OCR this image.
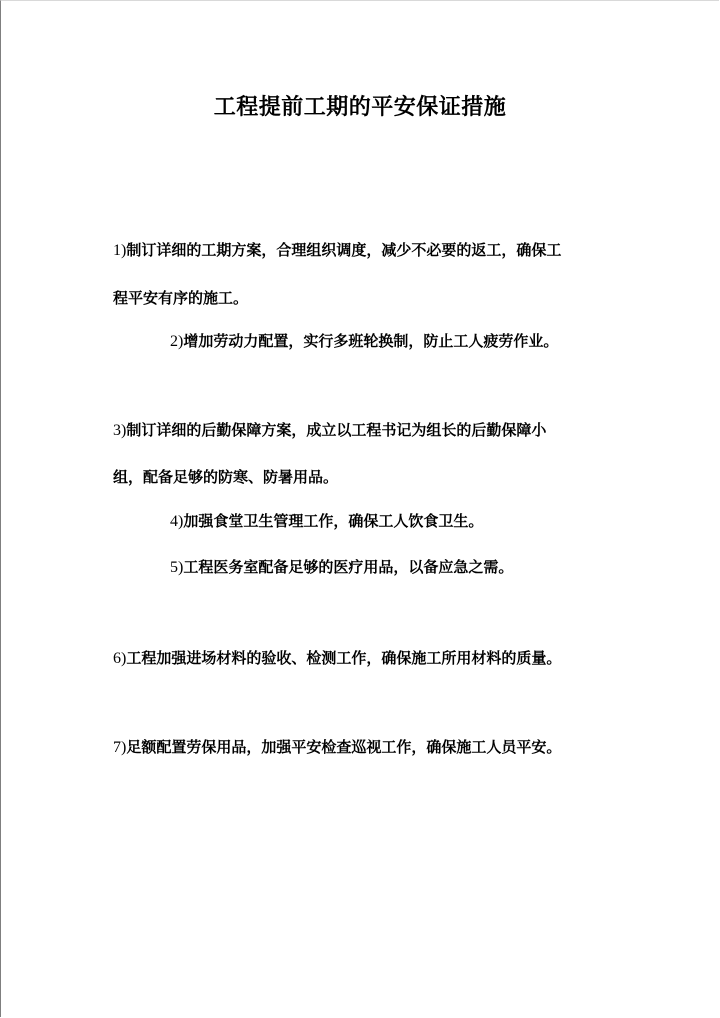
工程提前工期的平安保证措施

1)制订详细的工期方案，合理组织调度，减少不必要的返工，确保工

程平安有序的施工。

2)增加劳动力配置，实行多班轮换制，防止工人疲劳作业。

3)制订详细的后勤保障方案，成立以工程书记为组长的后勤保障小

组，配备足够的防寒、防暑用品。

4)加强食堂卫生管理工作，确保工人饮食卫生。

5)工程医务室配备足够的医疗用品，以备应急之需。

6)工程加强进场材料的验收、检测工作，确保施工所用材料的质量。

7)足额配置劳保用品，加强平安检查巡视工作，确保施工人员平安。
